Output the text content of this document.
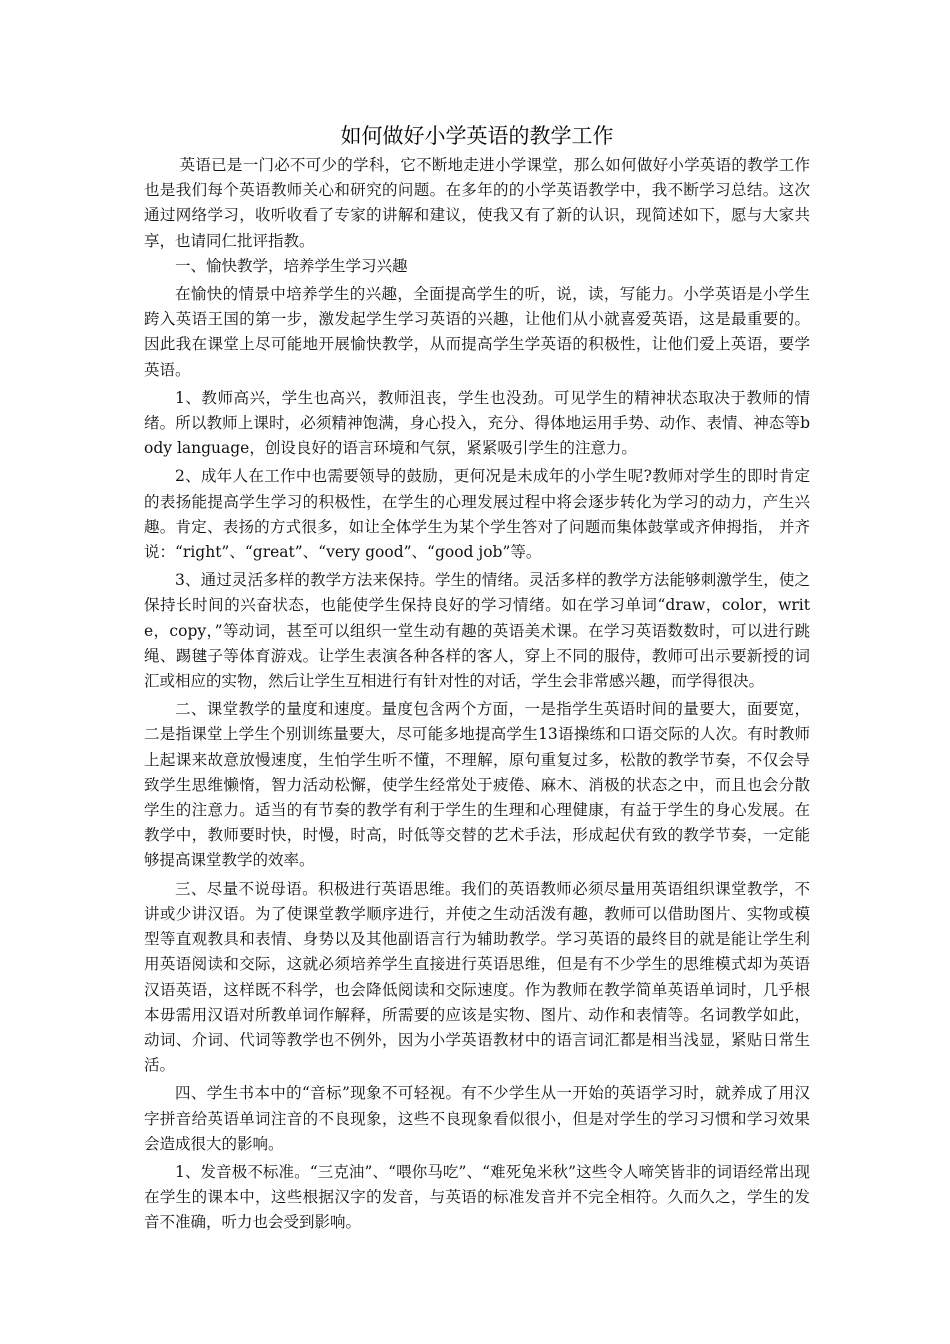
如何做好小学英语的教学工作

英语已是一门必不可少的学科，它不断地走进小学课堂，那么如何做好小学英语的教学工作也是我们每个英语教师关心和研究的问题。在多年的的小学英语教学中，我不断学习总结。这次通过网络学习，收听收看了专家的讲解和建议，使我又有了新的认识，现简述如下，愿与大家共享，也请同仁批评指教。

一、愉快教学，培养学生学习兴趣

在愉快的情景中培养学生的兴趣，全面提高学生的听，说，读，写能力。小学英语是小学生跨入英语王国的第一步，激发起学生学习英语的兴趣，让他们从小就喜爱英语，这是最重要的。因此我在课堂上尽可能地开展愉快教学，从而提高学生学英语的积极性，让他们爱上英语，要学英语。

1、教师高兴，学生也高兴，教师沮丧，学生也没劲。可见学生的精神状态取决于教师的情绪。所以教师上课时，必须精神饱满，身心投入，充分、得体地运用手势、动作、表情、神态等body language，创设良好的语言环境和气氛，紧紧吸引学生的注意力。

2、成年人在工作中也需要领导的鼓励，更何况是未成年的小学生呢?教师对学生的即时肯定的表扬能提高学生学习的积极性，在学生的心理发展过程中将会逐步转化为学习的动力，产生兴趣。肯定、表扬的方式很多，如让全体学生为某个学生答对了问题而集体鼓掌或齐伸拇指， 并齐说：“right”、“great”、“very good”、“good job”等。

3、通过灵活多样的教学方法来保持。学生的情绪。灵活多样的教学方法能够刺激学生，使之保持长时间的兴奋状态，也能使学生保持良好的学习情绪。如在学习单词“draw，color，write，copy，”等动词，甚至可以组织一堂生动有趣的英语美术课。在学习英语数数时，可以进行跳绳、踢毽子等体育游戏。让学生表演各种各样的客人，穿上不同的服侍，教师可出示要新授的词汇或相应的实物，然后让学生互相进行有针对性的对话，学生会非常感兴趣，而学得很决。

二、课堂教学的量度和速度。量度包含两个方面，一是指学生英语时间的量要大，面要宽，二是指课堂上学生个别训练量要大，尽可能多地提高学生13语操练和口语交际的人次。有时教师上起课来故意放慢速度，生怕学生听不懂，不理解，原句重复过多，松散的教学节奏，不仅会导致学生思维懒惰，智力活动松懈，使学生经常处于疲倦、麻木、消极的状态之中，而且也会分散学生的注意力。适当的有节奏的教学有利于学生的生理和心理健康，有益于学生的身心发展。在教学中，教师要时快，时慢，时高，时低等交替的艺术手法，形成起伏有致的教学节奏，一定能够提高课堂教学的效率。

三、尽量不说母语。积极进行英语思维。我们的英语教师必须尽量用英语组织课堂教学，不讲或少讲汉语。为了使课堂教学顺序进行，并使之生动活泼有趣，教师可以借助图片、实物或模型等直观教具和表情、身势以及其他副语言行为辅助教学。学习英语的最终目的就是能让学生利用英语阅读和交际，这就必须培养学生直接进行英语思维，但是有不少学生的思维模式却为英语汉语英语，这样既不科学，也会降低阅读和交际速度。作为教师在教学简单英语单词时，几乎根本毋需用汉语对所教单词作解释，所需要的应该是实物、图片、动作和表情等。名词教学如此，动词、介词、代词等教学也不例外，因为小学英语教材中的语言词汇都是相当浅显，紧贴日常生活。

四、学生书本中的“音标”现象不可轻视。有不少学生从一开始的英语学习时，就养成了用汉字拼音给英语单词注音的不良现象，这些不良现象看似很小，但是对学生的学习习惯和学习效果会造成很大的影响。

1、发音极不标准。“三克油”、“喂你马吃”、“难死兔米秋”这些令人啼笑皆非的词语经常出现在学生的课本中，这些根据汉字的发音，与英语的标准发音并不完全相符。久而久之，学生的发音不准确，听力也会受到影响。
